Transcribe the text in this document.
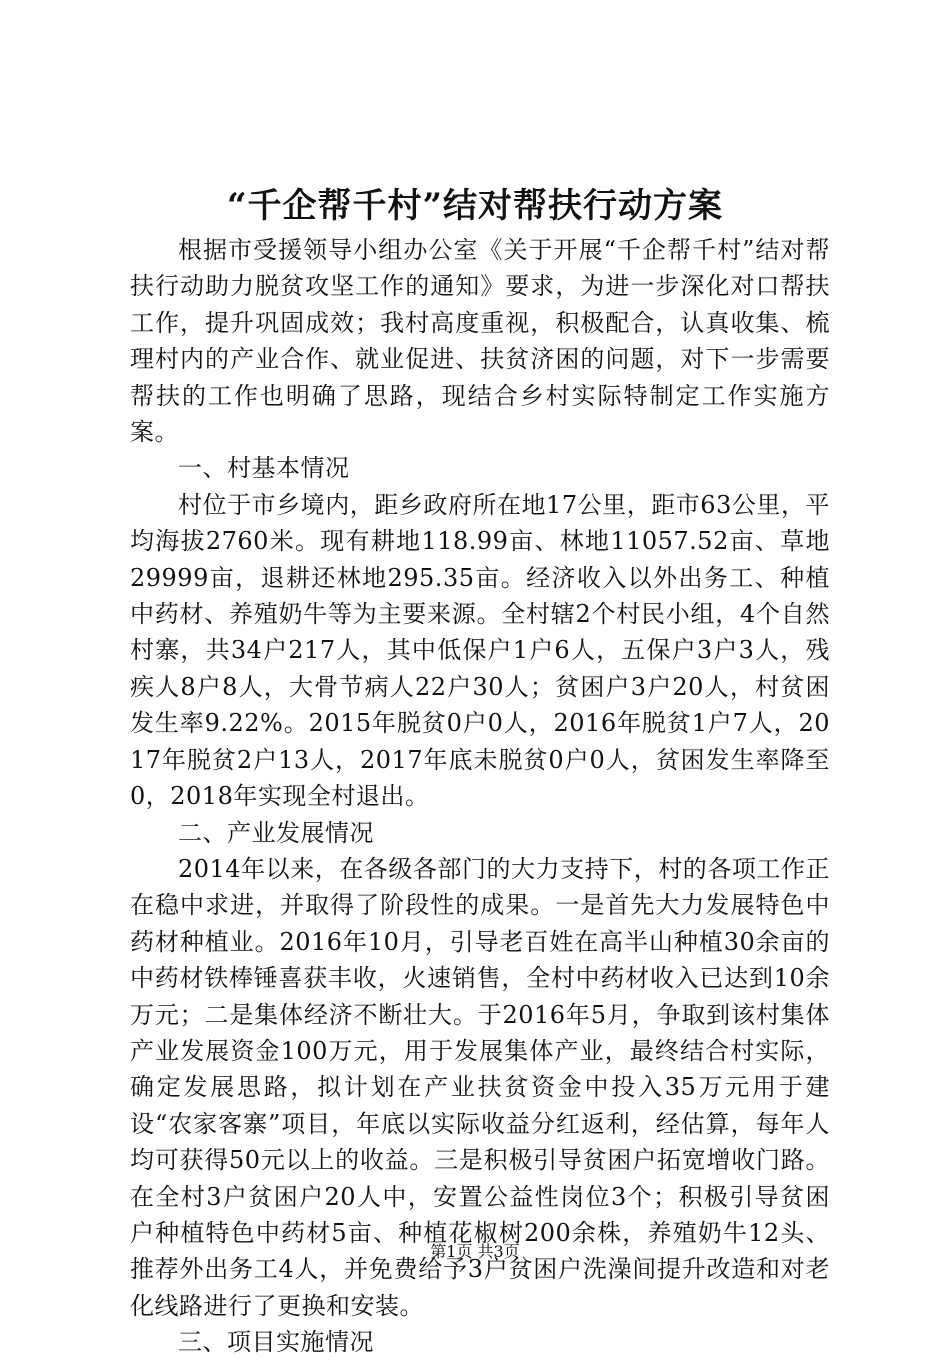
“千企帮千村”结对帮扶行动方案

根据市受援领导小组办公室《关于开展“千企帮千村”结对帮扶行动助力脱贫攻坚工作的通知》要求，为进一步深化对口帮扶工作，提升巩固成效；我村高度重视，积极配合，认真收集、梳理村内的产业合作、就业促进、扶贫济困的问题，对下一步需要帮扶的工作也明确了思路，现结合乡村实际特制定工作实施方案。

一、村基本情况

村位于市乡境内，距乡政府所在地17公里，距市63公里，平均海拔2760米。现有耕地118.99亩、林地11057.52亩、草地29999亩，退耕还林地295.35亩。经济收入以外出务工、种植中药材、养殖奶牛等为主要来源。全村辖2个村民小组，4个自然村寨，共34户217人，其中低保户1户6人，五保户3户3人，残疾人8户8人，大骨节病人22户30人；贫困户3户20人，村贫困发生率9.22%。2015年脱贫0户0人，2016年脱贫1户7人，2017年脱贫2户13人，2017年底未脱贫0户0人，贫困发生率降至0，2018年实现全村退出。

二、产业发展情况

2014年以来，在各级各部门的大力支持下，村的各项工作正在稳中求进，并取得了阶段性的成果。一是首先大力发展特色中药材种植业。2016年10月，引导老百姓在高半山种植30余亩的中药材铁棒锤喜获丰收，火速销售，全村中药材收入已达到10余万元；二是集体经济不断壮大。于2016年5月，争取到该村集体产业发展资金100万元，用于发展集体产业，最终结合村实际，确定发展思路，拟计划在产业扶贫资金中投入35万元用于建设“农家客寨”项目，年底以实际收益分红返利，经估算，每年人均可获得50元以上的收益。三是积极引导贫困户拓宽增收门路。在全村3户贫困户20人中，安置公益性岗位3个；积极引导贫困户种植特色中药材5亩、种植花椒树200余株，养殖奶牛12头、推荐外出务工4人，并免费给予3户贫困户洗澡间提升改造和对老化线路进行了更换和安装。

三、项目实施情况

第1页 共3页
